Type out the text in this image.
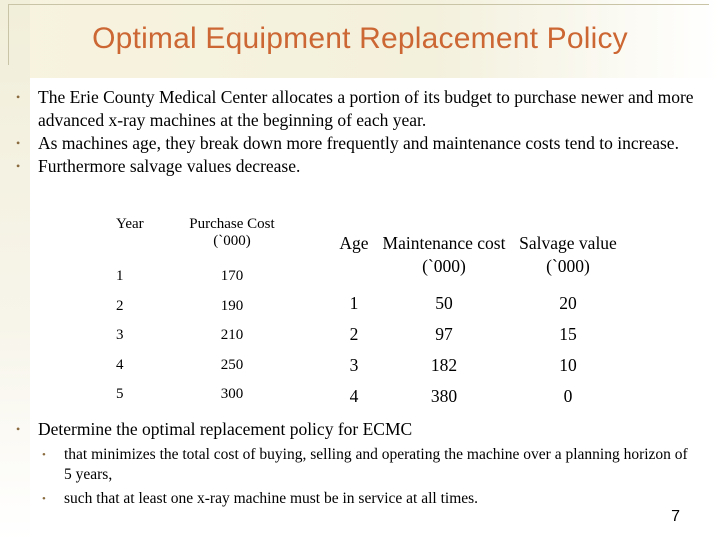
Optimal Equipment Replacement Policy
• The Erie County Medical Center allocates a portion of its budget to purchase newer and more advanced x-ray machines at the beginning of each year.
• As machines age, they break down more frequently and maintenance costs tend to increase.
• Furthermore salvage values decrease.
Year	Purchase Cost (`000)
1	170
2	190
3	210
4	250
5	300
Age	Maintenance cost (`000)	Salvage value (`000)
1	50	20
2	97	15
3	182	10
4	380	0
• Determine the optimal replacement policy for ECMC
• that minimizes the total cost of buying, selling and operating the machine over a planning horizon of 5 years,
• such that at least one x-ray machine must be in service at all times.
7
